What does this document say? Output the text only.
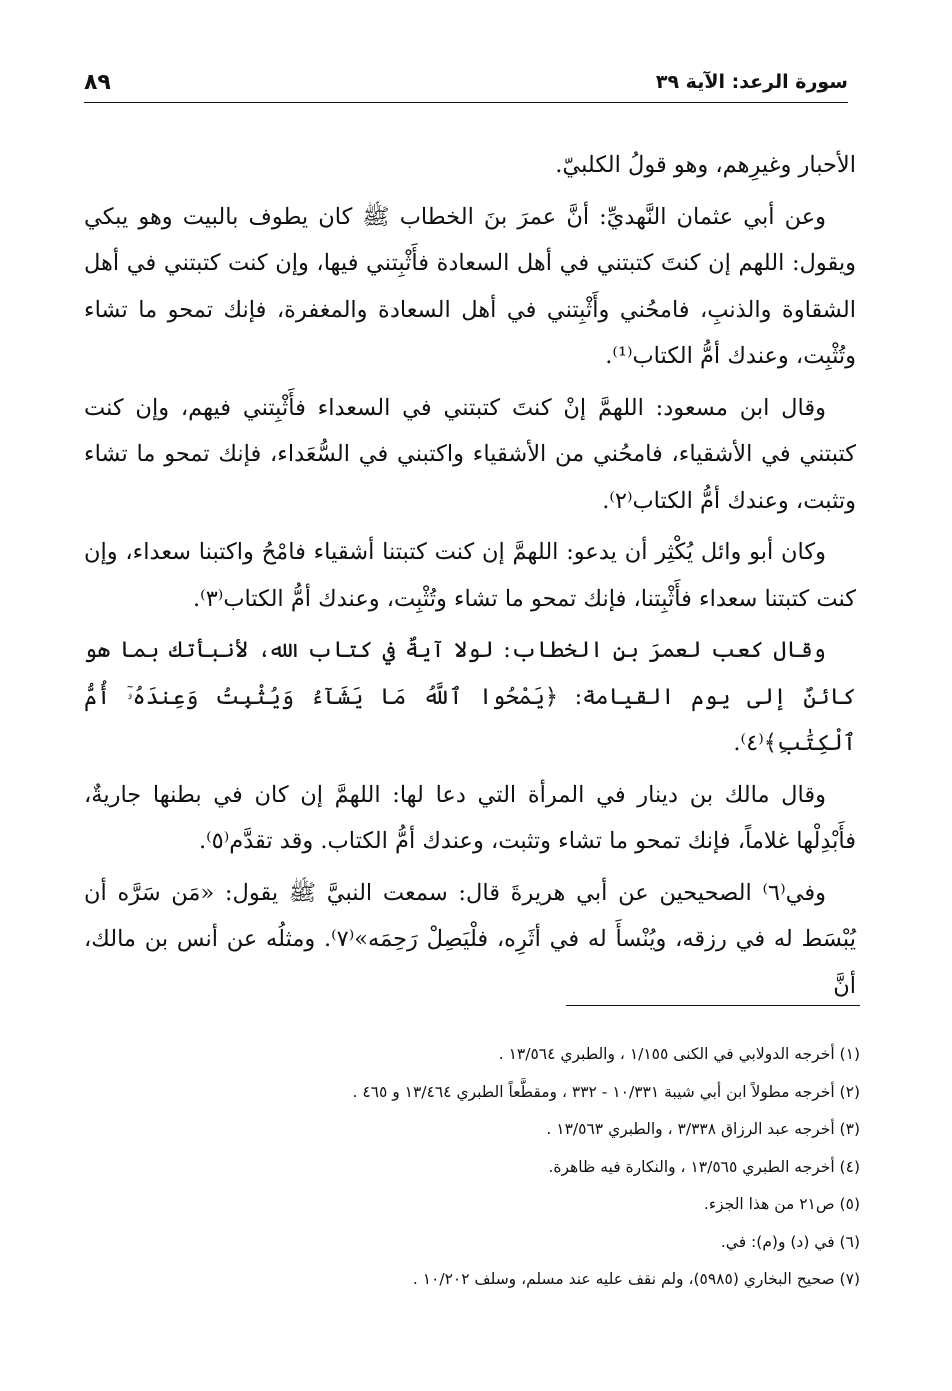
سورة الرعد: الآية ٣٩
٨٩

الأحبار وغيرِهم، وهو قولُ الكلبيّ.

وعن أبي عثمان النَّهديِّ: أنَّ عمرَ بنَ الخطاب ﷺ كان يطوف بالبيت وهو يبكي ويقول: اللهم إن كنتَ كتبتني في أهل السعادة فأَثْبِتني فيها، وإن كنت كتبتني في أهل الشقاوة والذنبِ، فامحُني وأَثْبِتني في أهل السعادة والمغفرة، فإنك تمحو ما تشاء وتُثْبِت، وعندك أمُّ الكتاب⁽¹⁾.

وقال ابن مسعود: اللهمَّ إنْ كنتَ كتبتني في السعداء فأَثْبِتني فيهم، وإن كنت كتبتني في الأشقياء، فامحُني من الأشقياء واكتبني في السُّعَداء، فإنك تمحو ما تشاء وتثبت، وعندك أمُّ الكتاب⁽٢⁾.

وكان أبو وائل يُكْثِر أن يدعو: اللهمَّ إن كنت كتبتنا أشقياء فامْحُ واكتبنا سعداء، وإن كنت كتبتنا سعداء فأَثْبِتنا، فإنك تمحو ما تشاء وتُثْبِت، وعندك أمُّ الكتاب⁽٣⁾.

وقال كعب لعمرَ بنِ الخطاب: لولا آيةٌ في كتاب الله، لأنبأتك بما هو كائنٌ إلى يوم القيامة: ﴿يَمْحُوا ٱللَّهُ مَا يَشَآءُ وَيُثْبِتُ وَعِندَهُۥٓ أُمُّ ٱلْكِتَٰبِ﴾⁽٤⁾.

وقال مالك بن دينار في المرأة التي دعا لها: اللهمَّ إن كان في بطنها جاريةٌ، فأَبْدِلْها غلاماً، فإنك تمحو ما تشاء وتثبت، وعندك أمُّ الكتاب. وقد تقدَّم⁽٥⁾.

وفي⁽٦⁾ الصحيحين عن أبي هريرةَ قال: سمعت النبيَّ ﷺ يقول: «مَن سَرَّه أن يُبْسَط له في رزقه، ويُنْسأَ له في أثَرِه، فلْيَصِلْ رَحِمَه»⁽٧⁾. ومثلُه عن أنس بن مالك، أنَّ

(١) أخرجه الدولابي في الكنى ١/١٥٥ ، والطبري ١٣/٥٦٤ .
(٢) أخرجه مطولاً ابن أبي شيبة ١٠/٣٣١ - ٣٣٢ ، ومقطَّعاً الطبري ١٣/٤٦٤ و ٤٦٥ .
(٣) أخرجه عبد الرزاق ٣/٣٣٨ ، والطبري ١٣/٥٦٣ .
(٤) أخرجه الطبري ١٣/٥٦٥ ، والنكارة فيه ظاهرة.
(٥) ص٢١ من هذا الجزء.
(٦) في (د) و(م): في.
(٧) صحيح البخاري (٥٩٨٥)، ولم نقف عليه عند مسلم، وسلف ١٠/٢٠٢ .
